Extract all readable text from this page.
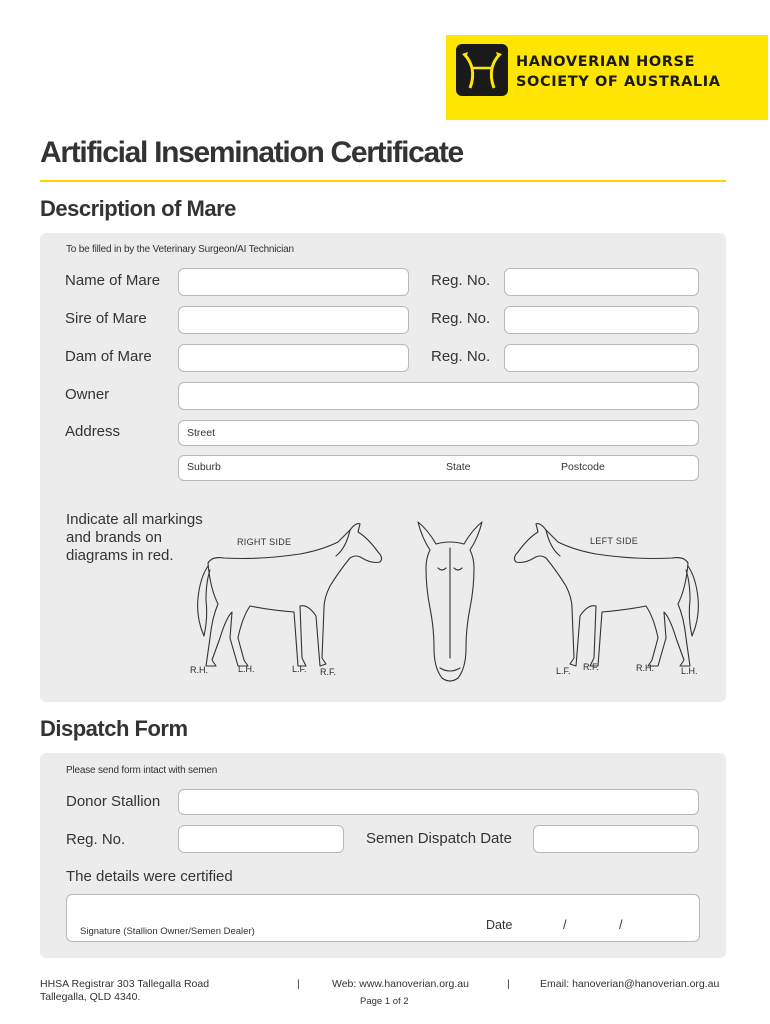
HANOVERIAN HORSE
SOCIETY OF AUSTRALIA
Artificial Insemination Certificate
Description of Mare
To be filled in by the Veterinary Surgeon/AI Technician
Name of Mare	Reg. No.
Sire of Mare	Reg. No.
Dam of Mare	Reg. No.
Owner
Address	Street
Suburb	State	Postcode
Indicate all markings
and brands on
diagrams in red.
RIGHT SIDE	LEFT SIDE
R.H.	L.H.	L.F. R.F.	L.F. R.F.	R.H.	L.H.
Dispatch Form
Please send form intact with semen
Donor Stallion
Reg. No.	Semen Dispatch Date
The details were certified
Signature (Stallion Owner/Semen Dealer)	Date	/	/
HHSA Registrar 303 Tallegalla Road
Tallegalla, QLD 4340.
|	Web: www.hanoverian.org.au	|	Email: hanoverian@hanoverian.org.au
Page 1 of 2
